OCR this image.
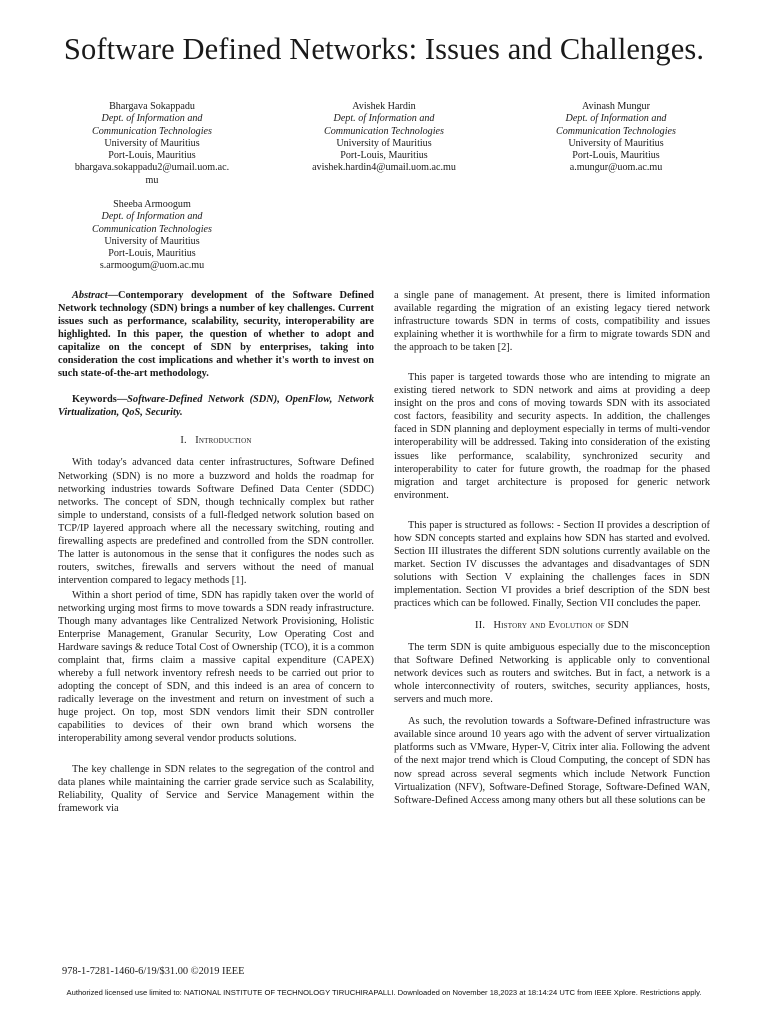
Software Defined Networks: Issues and Challenges.
Bhargava Sokappadu
Dept. of Information and
Communication Technologies
University of Mauritius
Port-Louis, Mauritius
bhargava.sokappadu2@umail.uom.ac.
mu
Avishek Hardin
Dept. of Information and
Communication Technologies
University of Mauritius
Port-Louis, Mauritius
avishek.hardin4@umail.uom.ac.mu
Avinash Mungur
Dept. of Information and
Communication Technologies
University of Mauritius
Port-Louis, Mauritius
a.mungur@uom.ac.mu
Sheeba Armoogum
Dept. of Information and
Communication Technologies
University of Mauritius
Port-Louis, Mauritius
s.armoogum@uom.ac.mu

Abstract—Contemporary development of the Software Defined Network technology (SDN) brings a number of key challenges. Current issues such as performance, scalability, security, interoperability are highlighted. In this paper, the question of whether to adopt and capitalize on the concept of SDN by enterprises, taking into consideration the cost implications and whether it's worth to invest on such state-of-the-art methodology.

Keywords—Software-Defined Network (SDN), OpenFlow, Network Virtualization, QoS, Security.

I. Introduction

With today's advanced data center infrastructures, Software Defined Networking (SDN) is no more a buzzword and holds the roadmap for networking industries towards Software Defined Data Center (SDDC) networks. The concept of SDN, though technically complex but rather simple to understand, consists of a full-fledged network solution based on TCP/IP layered approach where all the necessary switching, routing and firewalling aspects are predefined and controlled from the SDN controller. The latter is autonomous in the sense that it configures the nodes such as routers, switches, firewalls and servers without the need of manual intervention compared to legacy methods [1].

Within a short period of time, SDN has rapidly taken over the world of networking urging most firms to move towards a SDN ready infrastructure. Though many advantages like Centralized Network Provisioning, Holistic Enterprise Management, Granular Security, Low Operating Cost and Hardware savings & reduce Total Cost of Ownership (TCO), it is a common complaint that, firms claim a massive capital expenditure (CAPEX) whereby a full network inventory refresh needs to be carried out prior to adopting the concept of SDN, and this indeed is an area of concern to radically leverage on the investment and return on investment of such a huge project. On top, most SDN vendors limit their SDN controller capabilities to devices of their own brand which worsens the interoperability among several vendor products solutions.

The key challenge in SDN relates to the segregation of the control and data planes while maintaining the carrier grade service such as Scalability, Reliability, Quality of Service and Service Management within the framework via

a single pane of management. At present, there is limited information available regarding the migration of an existing legacy tiered network infrastructure towards SDN in terms of costs, compatibility and issues explaining whether it is worthwhile for a firm to migrate towards SDN and the approach to be taken [2].

This paper is targeted towards those who are intending to migrate an existing tiered network to SDN network and aims at providing a deep insight on the pros and cons of moving towards SDN with its associated cost factors, feasibility and security aspects. In addition, the challenges faced in SDN planning and deployment especially in terms of multi-vendor interoperability will be addressed. Taking into consideration of the existing issues like performance, scalability, synchronized security and interoperability to cater for future growth, the roadmap for the phased migration and target architecture is proposed for generic network environment.

This paper is structured as follows: - Section II provides a description of how SDN concepts started and explains how SDN has started and evolved. Section III illustrates the different SDN solutions currently available on the market. Section IV discusses the advantages and disadvantages of SDN solutions with Section V explaining the challenges faces in SDN implementation. Section VI provides a brief description of the SDN best practices which can be followed. Finally, Section VII concludes the paper.

II. History and Evolution of SDN

The term SDN is quite ambiguous especially due to the misconception that Software Defined Networking is applicable only to conventional network devices such as routers and switches. But in fact, a network is a whole interconnectivity of routers, switches, security appliances, hosts, servers and much more.

As such, the revolution towards a Software-Defined infrastructure was available since around 10 years ago with the advent of server virtualization platforms such as VMware, Hyper-V, Citrix inter alia. Following the advent of the next major trend which is Cloud Computing, the concept of SDN has now spread across several segments which include Network Function Virtualization (NFV), Software-Defined Storage, Software-Defined WAN, Software-Defined Access among many others but all these solutions can be

978-1-7281-1460-6/19/$31.00 ©2019 IEEE
Authorized licensed use limited to: NATIONAL INSTITUTE OF TECHNOLOGY TIRUCHIRAPALLI. Downloaded on November 18,2023 at 18:14:24 UTC from IEEE Xplore. Restrictions apply.
